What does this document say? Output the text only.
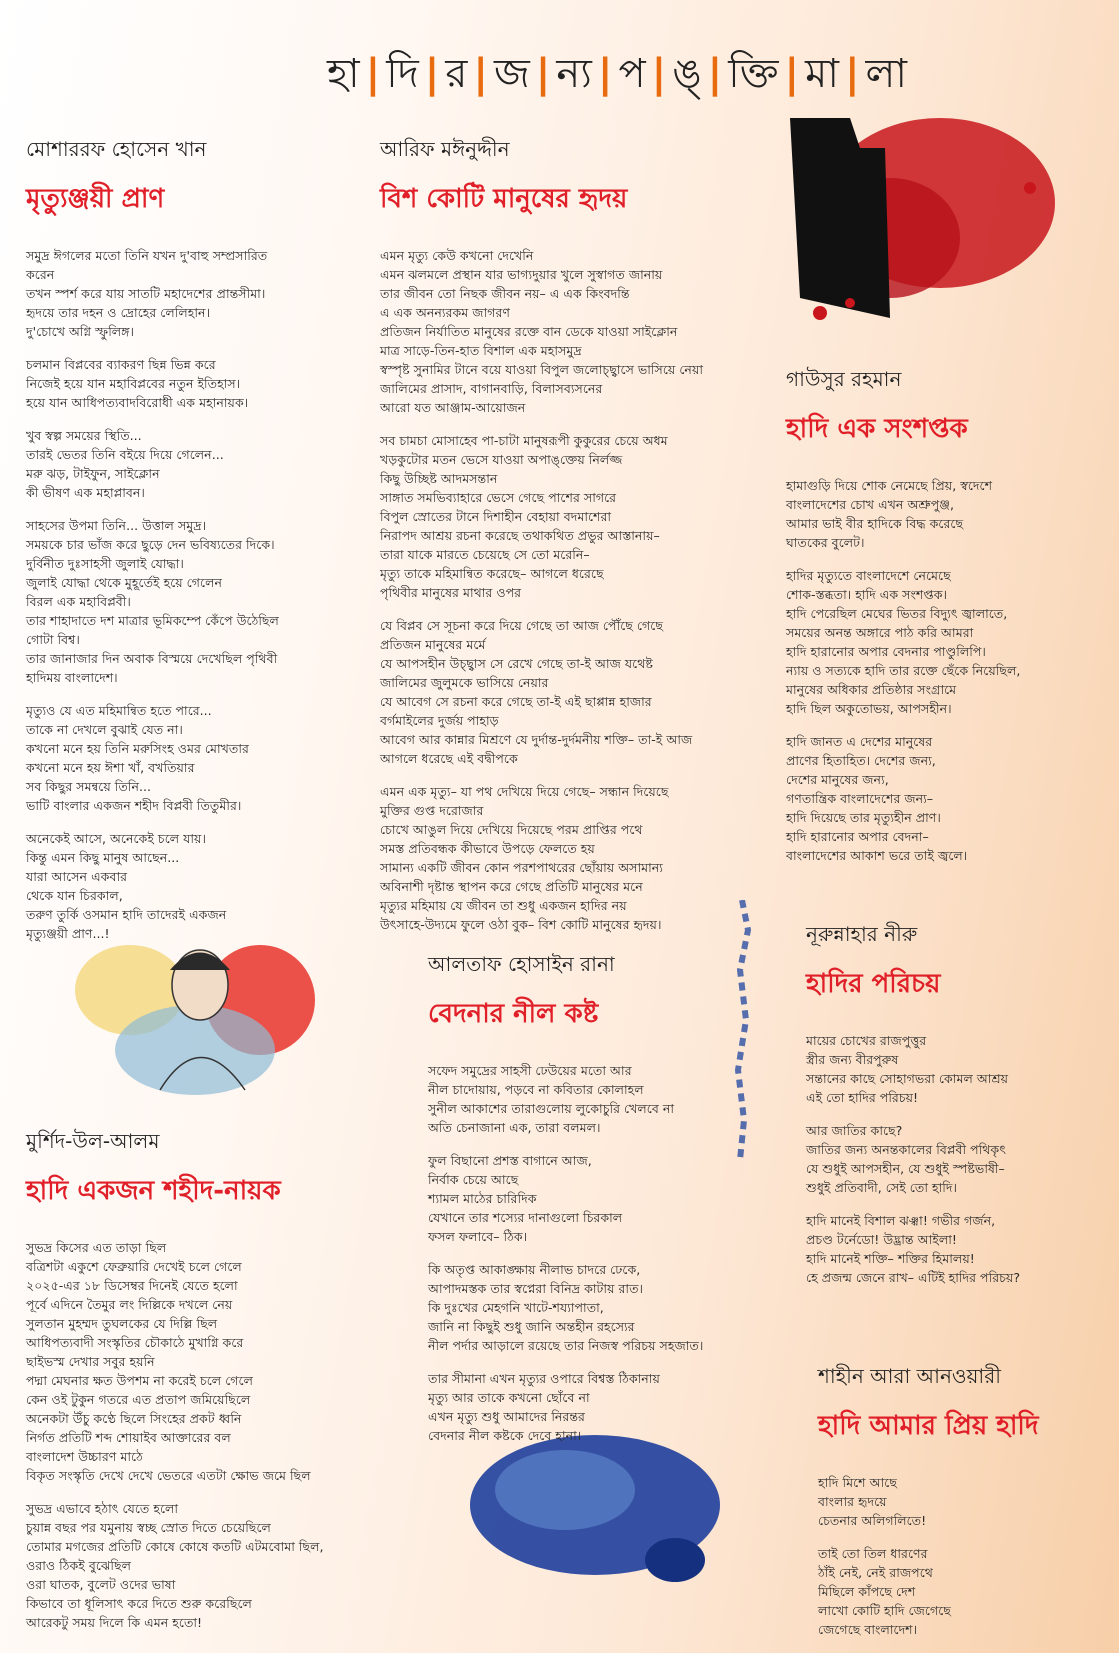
হা|দি|র|জ|ন্য|প|ঙ্|ক্তি|মা|লা
মোশাররফ হোসেন খান
মৃত্যুঞ্জয়ী প্রাণ
সমুদ্র ঈগলের মতো তিনি যখন দু'বাহু সম্প্রসারিত
করেন
তখন স্পর্শ করে যায় সাতটি মহাদেশের প্রান্তসীমা।
হৃদয়ে তার দহন ও দ্রোহের লেলিহান।
দু'চোখে অগ্নি স্ফুলিঙ্গ।
চলমান বিপ্লবের ব্যাকরণ ছিন্ন ভিন্ন করে
নিজেই হয়ে যান মহাবিপ্লবের নতুন ইতিহাস।
হয়ে যান আধিপত্যবাদবিরোধী এক মহানায়ক।
খুব স্বল্প সময়ের স্থিতি...
তারই ভেতর তিনি বইয়ে দিয়ে গেলেন...
মরু ঝড়, টাইফুন, সাইক্লোন
কী ভীষণ এক মহাপ্লাবন।
সাহসের উপমা তিনি... উত্তাল সমুদ্র।
সময়কে চার ভাঁজ করে ছুড়ে দেন ভবিষ্যতের দিকে।
দুর্বিনীত দুঃসাহসী জুলাই যোদ্ধা।
জুলাই যোদ্ধা থেকে মুহূর্তেই হয়ে গেলেন
বিরল এক মহাবিপ্লবী।
তার শাহাদাতে দশ মাত্রার ভূমিকম্পে কেঁপে উঠেছিল
গোটা বিশ্ব।
তার জানাজার দিন অবাক বিস্ময়ে দেখেছিল পৃথিবী
হাদিময় বাংলাদেশ।
মৃত্যুও যে এত মহিমান্বিত হতে পারে...
তাকে না দেখলে বুঝাই যেত না।
কখনো মনে হয় তিনি মরুসিংহ ওমর মোখতার
কখনো মনে হয় ঈশা খাঁ, বখতিয়ার
সব কিছুর সমন্বয়ে তিনি...
ভাটি বাংলার একজন শহীদ বিপ্লবী তিতুমীর।
অনেকেই আসে, অনেকেই চলে যায়।
কিন্তু এমন কিছু মানুষ আছেন...
যারা আসেন একবার
থেকে যান চিরকাল,
তরুণ তুর্কি ওসমান হাদি তাদেরই একজন
মৃত্যুঞ্জয়ী প্রাণ...!
আরিফ মঈনুদ্দীন
বিশ কোটি মানুষের হৃদয়
এমন মৃত্যু কেউ কখনো দেখেনি
এমন ঝলমলে প্রস্থান যার ভাগ্যদুয়ার খুলে সুস্বাগত জানায়
তার জীবন তো নিছক জীবন নয়– এ এক কিংবদন্তি
এ এক অনন্যরকম জাগরণ
প্রতিজন নির্যাতিত মানুষের রক্তে বান ডেকে যাওয়া সাইক্লোন
মাত্র সাড়ে-তিন-হাত বিশাল এক মহাসমুদ্র
স্বস্পৃষ্ট সুনামির টানে বয়ে যাওয়া বিপুল জলোচ্ছ্বাসে ভাসিয়ে নেয়া
জালিমের প্রাসাদ, বাগানবাড়ি, বিলাসব্যসনের
আরো যত আঞ্জাম-আয়োজন
সব চামচা মোসাহেব পা-চাটা মানুষরূপী কুকুরের চেয়ে অধম
খড়কুটোর মতন ভেসে যাওয়া অপাঙ্‌ক্তেয় নির্লজ্জ
কিছু উচ্ছিষ্ট আদমসন্তান
সাঙ্গাত সমভিব্যাহারে ভেসে গেছে পাশের সাগরে
বিপুল স্রোতের টানে দিশাহীন বেহায়া বদমাশেরা
নিরাপদ আশ্রয় রচনা করেছে তথাকথিত প্রভুর আস্তানায়–
তারা যাকে মারতে চেয়েছে সে তো মরেনি–
মৃত্যু তাকে মহিমান্বিত করেছে– আগলে ধরেছে
পৃথিবীর মানুষের মাথার ওপর
যে বিপ্লব সে সূচনা করে দিয়ে গেছে তা আজ পৌঁছে গেছে
প্রতিজন মানুষের মর্মে
যে আপসহীন উচ্ছ্বাস সে রেখে গেছে তা-ই আজ যথেষ্ট
জালিমের জুলুমকে ভাসিয়ে নেয়ার
যে আবেগ সে রচনা করে গেছে তা-ই এই ছাপ্পান্ন হাজার
বর্গমাইলের দুর্জয় পাহাড়
আবেগ আর কান্নার মিশ্রণে যে দুর্দান্ত-দুর্দমনীয় শক্তি– তা-ই আজ
আগলে ধরেছে এই বদ্বীপকে
এমন এক মৃত্যু– যা পথ দেখিয়ে দিয়ে গেছে– সন্ধান দিয়েছে
মুক্তির গুপ্ত দরোজার
চোখে আঙুল দিয়ে দেখিয়ে দিয়েছে পরম প্রাপ্তির পথে
সমস্ত প্রতিবন্ধক কীভাবে উপড়ে ফেলতে হয়
সামান্য একটি জীবন কোন পরশপাথরের ছোঁয়ায় অসামান্য
অবিনাশী দৃষ্টান্ত স্থাপন করে গেছে প্রতিটি মানুষের মনে
মৃত্যুর মহিমায় যে জীবন তা শুধু একজন হাদির নয়
উৎসাহে-উদ্যমে ফুলে ওঠা বুক– বিশ কোটি মানুষের হৃদয়।
গাউসুর রহমান
হাদি এক সংশপ্তক
হামাগুড়ি দিয়ে শোক নেমেছে প্রিয়, স্বদেশে
বাংলাদেশের চোখ এখন অশ্রুপুঞ্জ,
আমার ভাই বীর হাদিকে বিদ্ধ করেছে
ঘাতকের বুলেট।
হাদির মৃত্যুতে বাংলাদেশে নেমেছে
শোক-স্তব্ধতা। হাদি এক সংশপ্তক।
হাদি পেরেছিল মেঘের ভিতর বিদ্যুৎ জ্বালাতে,
সময়ের অনন্ত অঙ্গারে পাঠ করি আমরা
হাদি হারানোর অপার বেদনার পাণ্ডুলিপি।
ন্যায় ও সত্যকে হাদি তার রক্তে ছেঁকে নিয়েছিল,
মানুষের অধিকার প্রতিষ্ঠার সংগ্রামে
হাদি ছিল অকুতোভয়, আপসহীন।
হাদি জানত এ দেশের মানুষের
প্রাণের হিতাহিত। দেশের জন্য,
দেশের মানুষের জন্য,
গণতান্ত্রিক বাংলাদেশের জন্য–
হাদি দিয়েছে তার মৃত্যুহীন প্রাণ।
হাদি হারানোর অপার বেদনা–
বাংলাদেশের আকাশ ভরে তাই জ্বলে।
নূরুন্নাহার নীরু
হাদির পরিচয়
মায়ের চোখের রাজপুত্তুর
স্ত্রীর জন্য বীরপুরুষ
সন্তানের কাছে সোহাগভরা কোমল আশ্রয়
এই তো হাদির পরিচয়!
আর জাতির কাছে?
জাতির জন্য অনন্তকালের বিপ্লবী পথিকৃৎ
যে শুধুই আপসহীন, যে শুধুই স্পষ্টভাষী–
শুধুই প্রতিবাদী, সেই তো হাদি।
হাদি মানেই বিশাল ঝঞ্ঝা! গভীর গর্জন,
প্রচণ্ড টর্নেডো! উদ্ভ্রান্ত আইলা!
হাদি মানেই শক্তি– শক্তির হিমালয়!
হে প্রজন্ম জেনে রাখ– এটিই হাদির পরিচয়?
আলতাফ হোসাইন রানা
বেদনার নীল কষ্ট
সফেদ সমুদ্রের সাহসী ঢেউয়ের মতো আর
নীল চাদোয়ায়, পড়বে না কবিতার কোলাহল
সুনীল আকাশের তারাগুলোয় লুকোচুরি খেলবে না
অতি চেনাজানা এক, তারা বলমল।
ফুল বিছানো প্রশস্ত বাগানে আজ,
নির্বাক চেয়ে আছে
শ্যামল মাঠের চারিদিক
যেখানে তার শস্যের দানাগুলো চিরকাল
ফসল ফলাবে– ঠিক।
কি অতৃপ্ত আকাঙ্ক্ষায় নীলাভ চাদরে ঢেকে,
আপাদমস্তক তার স্বপ্নেরা বিনিদ্র কাটায় রাত।
কি দুঃখের মেহগনি খাটে-শয্যাপাতা,
জানি না কিছুই শুধু জানি অন্তহীন রহস্যের
নীল পর্দার আড়ালে রয়েছে তার নিজস্ব পরিচয় সহজাত।
তার সীমানা এখন মৃত্যুর ওপারে বিশ্বস্ত ঠিকানায়
মৃত্যু আর তাকে কখনো ছোঁবে না
এখন মৃত্যু শুধু আমাদের নিরন্তর
বেদনার নীল কষ্টকে দেবে হানা।
মুর্শিদ-উল-আলম
হাদি একজন শহীদ-নায়ক
সুভদ্র কিসের এত তাড়া ছিল
বত্রিশটা একুশে ফেব্রুয়ারি দেখেই চলে গেলে
২০২৫-এর ১৮ ডিসেম্বর দিনেই যেতে হলো
পূর্বে এদিনে তৈমুর লং দিল্লিকে দখলে নেয়
সুলতান মুহম্মদ তুঘলকের যে দিল্লি ছিল
আধিপত্যবাদী সংস্কৃতির চৌকাঠে মুখাগ্নি করে
ছাইভস্ম দেখার সবুর হয়নি
পদ্মা মেঘনার ক্ষত উপশম না করেই চলে গেলে
কেন ওই টুকুন গতরে এত প্রতাপ জমিয়েছিলে
অনেকটা উঁচু কণ্ঠে ছিলে সিংহের প্রকট ধ্বনি
নির্গত প্রতিটি শব্দ শোয়াইব আক্তারের বল
বাংলাদেশ উচ্চারণ মাঠে
বিকৃত সংস্কৃতি দেখে দেখে ভেতরে এতটা ক্ষোভ জমে ছিল
সুভদ্র এভাবে হঠাৎ যেতে হলো
চুয়ান্ন বছর পর যমুনায় স্বচ্ছ স্রোত দিতে চেয়েছিলে
তোমার মগজের প্রতিটি কোষে কোষে কতটি এটমবোমা ছিল,
ওরাও ঠিকই বুঝেছিল
ওরা ঘাতক, বুলেট ওদের ভাষা
কিভাবে তা ধূলিসাৎ করে দিতে শুরু করেছিলে
আরেকটু সময় দিলে কি এমন হতো!
শাহীন আরা আনওয়ারী
হাদি আমার প্রিয় হাদি
হাদি মিশে আছে
বাংলার হৃদয়ে
চেতনার অলিগলিতে!
তাই তো তিল ধারণের
ঠাঁই নেই, নেই রাজপথে
মিছিলে কাঁপছে দেশ
লাখো কোটি হাদি জেগেছে
জেগেছে বাংলাদেশ।
